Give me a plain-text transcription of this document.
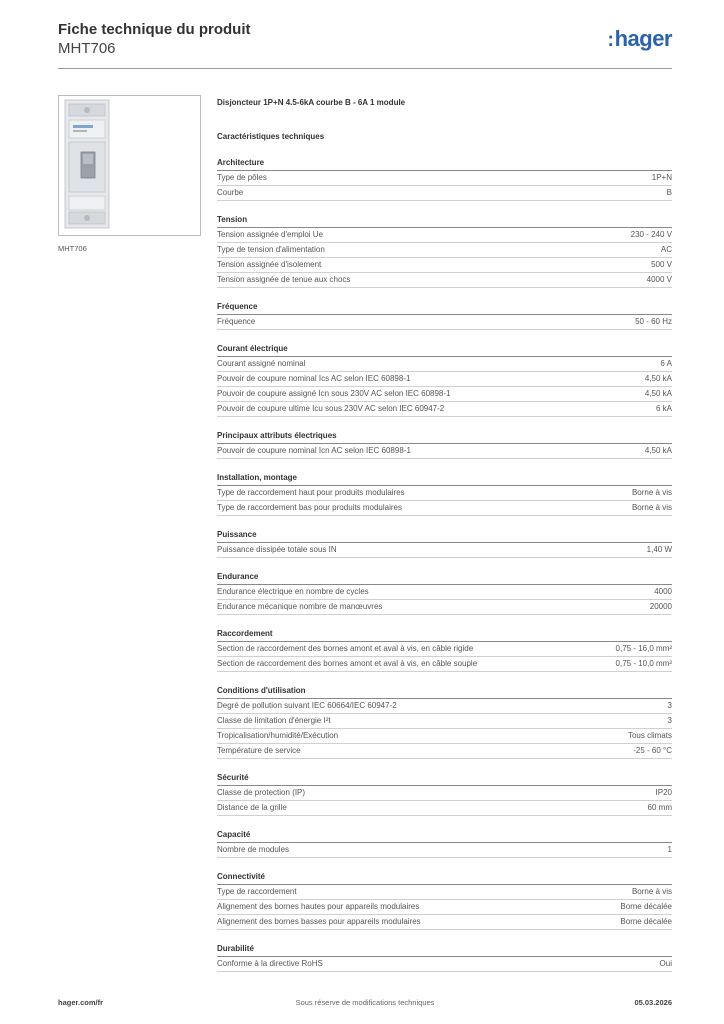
Fiche technique du produit
MHT706	:hager
MHT706
Disjoncteur 1P+N 4.5-6kA courbe B - 6A 1 module
Caractéristiques techniques
Architecture
Type de pôles	1P+N
Courbe	B
Tension
Tension assignée d'emploi Ue	230 - 240 V
Type de tension d'alimentation	AC
Tension assignée d'isolement	500 V
Tension assignée de tenue aux chocs	4000 V
Fréquence
Fréquence	50 - 60 Hz
Courant électrique
Courant assigné nominal	6 A
Pouvoir de coupure nominal Ics AC selon IEC 60898-1	4,50 kA
Pouvoir de coupure assigné Icn sous 230V AC selon IEC 60898-1	4,50 kA
Pouvoir de coupure ultime Icu sous 230V AC selon IEC 60947-2	6 kA
Principaux attributs électriques
Pouvoir de coupure nominal Icn AC selon IEC 60898-1	4,50 kA
Installation, montage
Type de raccordement haut pour produits modulaires	Borne à vis
Type de raccordement bas pour produits modulaires	Borne à vis
Puissance
Puissance dissipée totale sous IN	1,40 W
Endurance
Endurance électrique en nombre de cycles	4000
Endurance mécanique nombre de manœuvres	20000
Raccordement
Section de raccordement des bornes amont et aval à vis, en câble rigide	0,75 - 16,0 mm²
Section de raccordement des bornes amont et aval à vis, en câble souple	0,75 - 10,0 mm²
Conditions d'utilisation
Degré de pollution suivant IEC 60664/IEC 60947-2	3
Classe de limitation d'énergie I²t	3
Tropicalisation/humidité/Exécution	Tous climats
Température de service	-25 - 60 °C
Sécurité
Classe de protection (IP)	IP20
Distance de la grille	60 mm
Capacité
Nombre de modules	1
Connectivité
Type de raccordement	Borne à vis
Alignement des bornes hautes pour appareils modulaires	Borne décalée
Alignement des bornes basses pour appareils modulaires	Borne décalée
Durabilité
Conforme à la directive RoHS	Oui
hager.com/fr	Sous réserve de modifications techniques	05.03.2026
